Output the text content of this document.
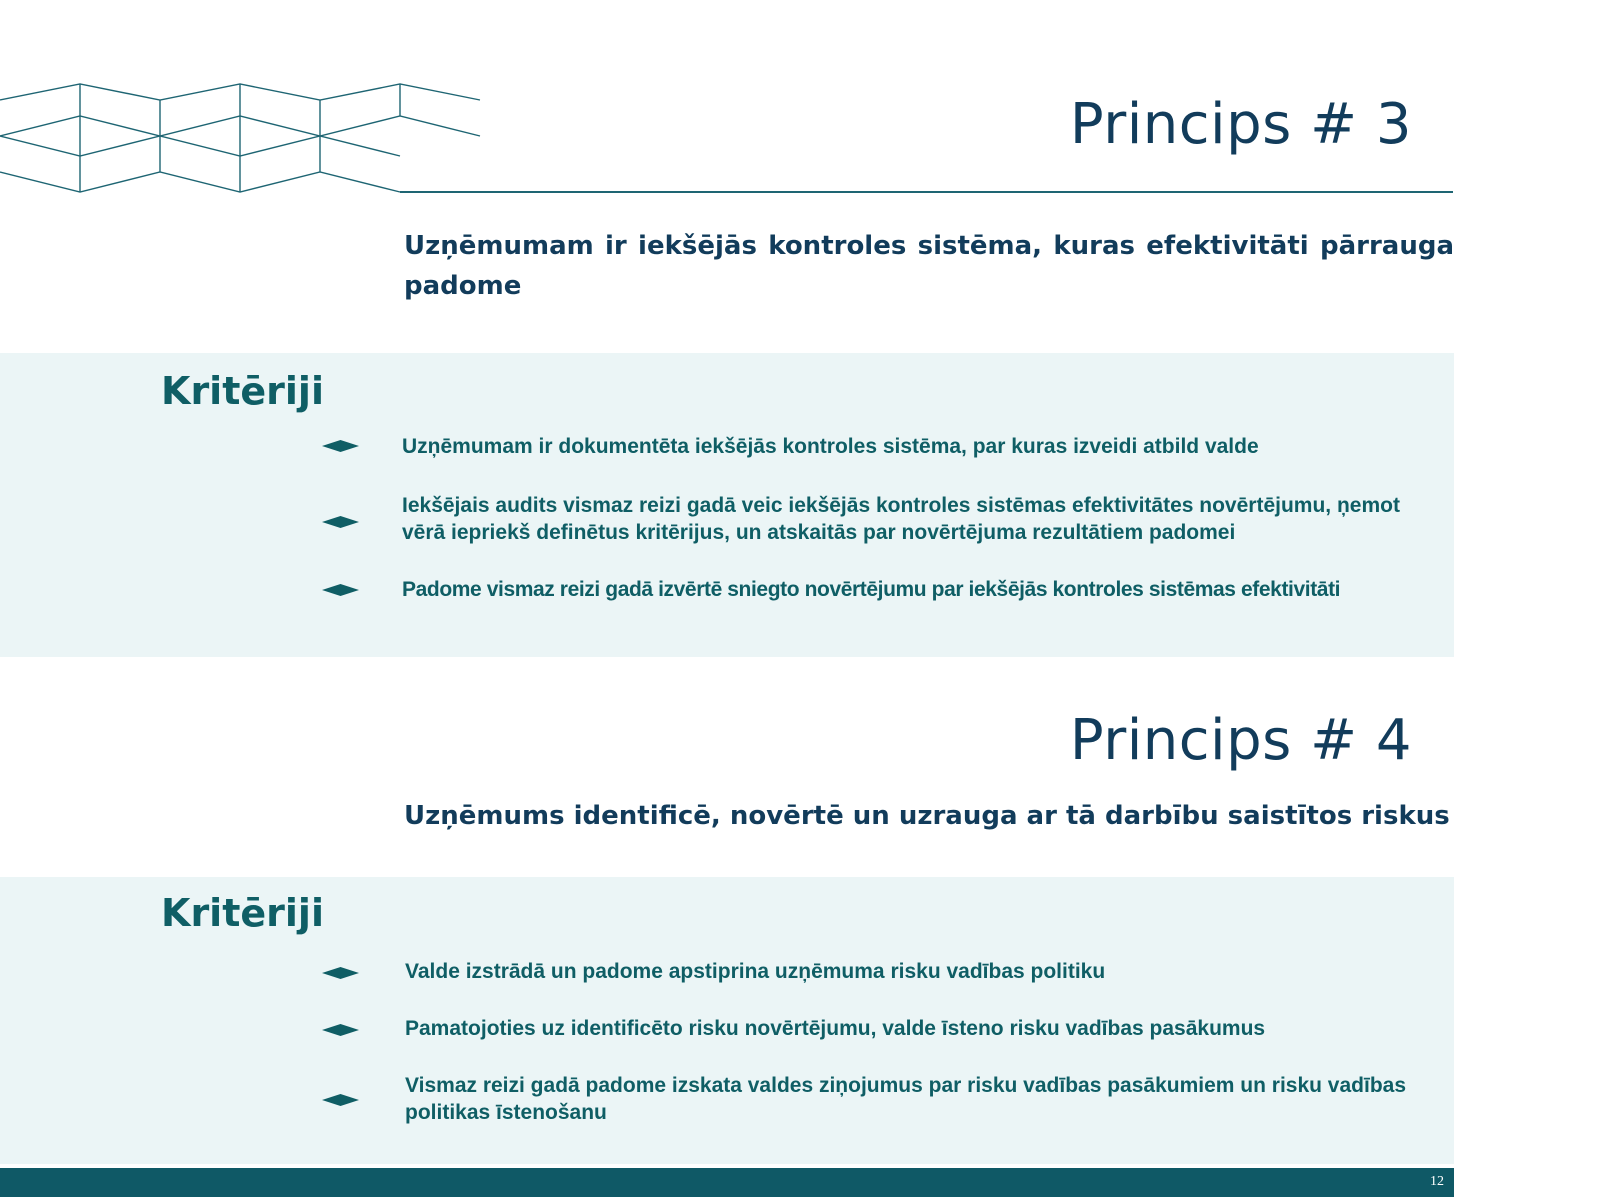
Princips # 3

Uzņēmumam ir iekšējās kontroles sistēma, kuras efektivitāti pārrauga padome

Kritēriji

Uzņēmumam ir dokumentēta iekšējās kontroles sistēma, par kuras izveidi atbild valde

Iekšējais audits vismaz reizi gadā veic iekšējās kontroles sistēmas efektivitātes novērtējumu, ņemot vērā iepriekš definētus kritērijus, un atskaitās par novērtējuma rezultātiem padomei

Padome vismaz reizi gadā izvērtē sniegto novērtējumu par iekšējās kontroles sistēmas efektivitāti

Princips # 4

Uzņēmums identificē, novērtē un uzrauga ar tā darbību saistītos riskus

Kritēriji

Valde izstrādā un padome apstiprina uzņēmuma risku vadības politiku

Pamatojoties uz identificēto risku novērtējumu, valde īsteno risku vadības pasākumus

Vismaz reizi gadā padome izskata valdes ziņojumus par risku vadības pasākumiem un risku vadības politikas īstenošanu

12
